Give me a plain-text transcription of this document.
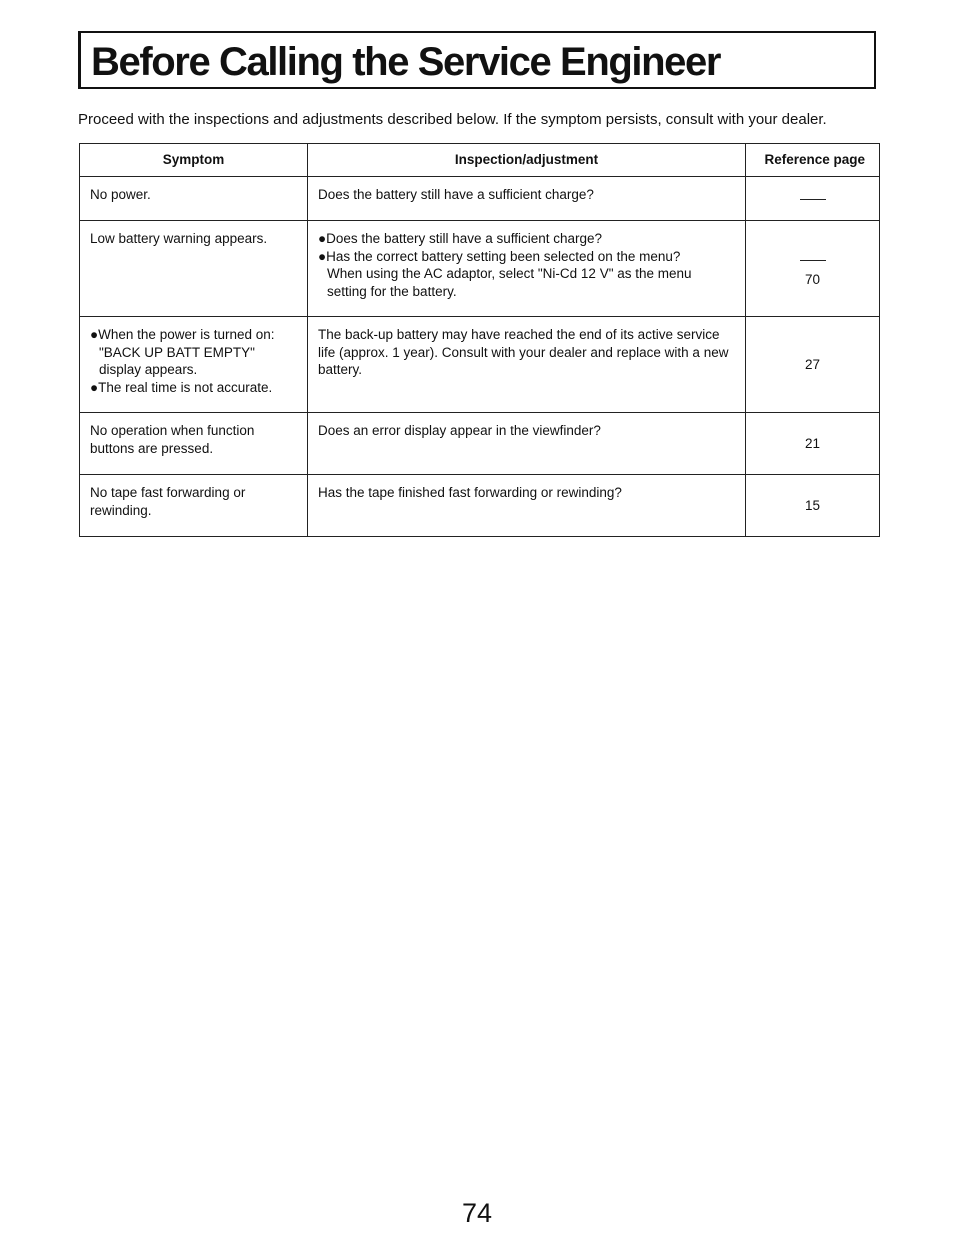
Before Calling the Service Engineer

Proceed with the inspections and adjustments described below. If the symptom persists, consult with your dealer.

Symptom	Inspection/adjustment	Reference page
No power.	Does the battery still have a sufficient charge?	
Low battery warning appears.	●Does the battery still have a sufficient charge?
●Has the correct battery setting been selected on the menu?
When using the AC adaptor, select "Ni-Cd 12 V" as the menu
setting for the battery.	70

●When the power is turned on:
"BACK UP BATT EMPTY"
display appears.
●The real time is not accurate.	The back-up battery may have reached the end of its active service life (approx. 1 year). Consult with your dealer and replace with a new battery.	27
No operation when function buttons are pressed.	Does an error display appear in the viewfinder?	21
No tape fast forwarding or rewinding.	Has the tape finished fast forwarding or rewinding?	15
74
